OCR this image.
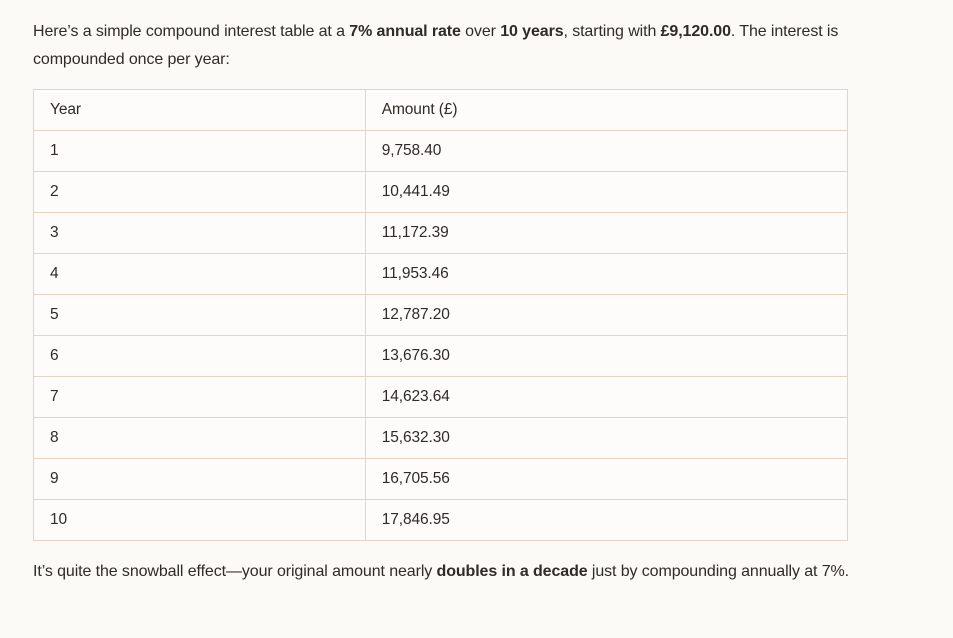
Here’s a simple compound interest table at a 7% annual rate over 10 years, starting with £9,120.00. The interest is compounded once per year:

Year	Amount (£)
1	9,758.40
2	10,441.49
3	11,172.39
4	11,953.46
5	12,787.20
6	13,676.30
7	14,623.64
8	15,632.30
9	16,705.56
10	17,846.95

It’s quite the snowball effect—your original amount nearly doubles in a decade just by compounding annually at 7%.
